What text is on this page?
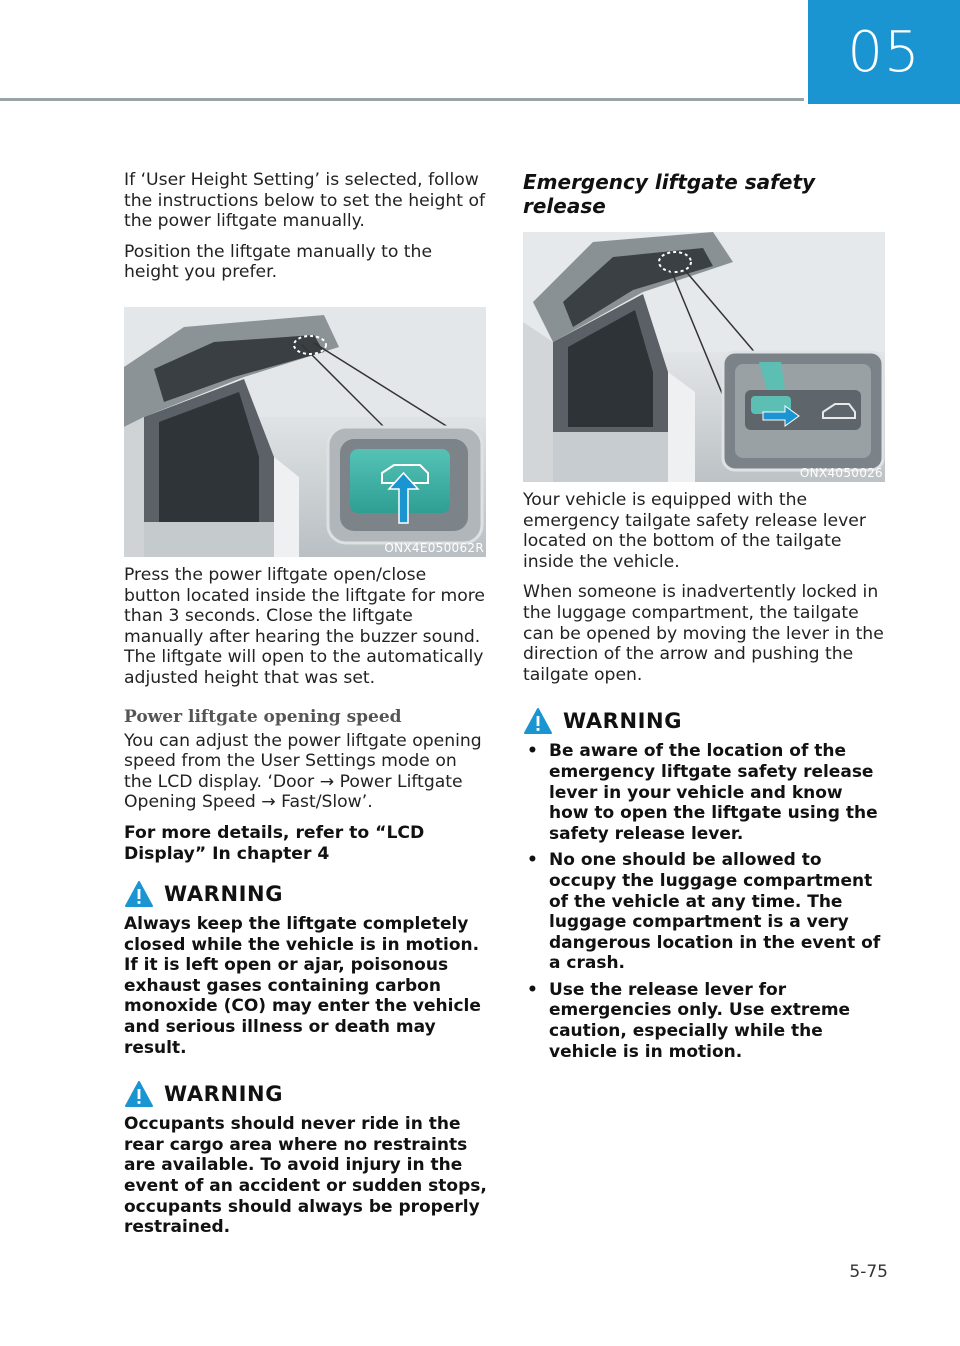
05

If ‘User Height Setting’ is selected, follow the instructions below to set the height of the power liftgate manually.

Position the liftgate manually to the height you prefer.

ONX4E050062R

Press the power liftgate open/close button located inside the liftgate for more than 3 seconds. Close the liftgate manually after hearing the buzzer sound. The liftgate will open to the automatically adjusted height that was set.

Power liftgate opening speed

You can adjust the power liftgate opening speed from the User Settings mode on the LCD display. ‘Door → Power Liftgate Opening Speed → Fast/Slow’.

For more details, refer to “LCD Display” In chapter 4

WARNING
Always keep the liftgate completely closed while the vehicle is in motion. If it is left open or ajar, poisonous exhaust gases containing carbon monoxide (CO) may enter the vehicle and serious illness or death may result.
WARNING
Occupants should never ride in the rear cargo area where no restraints are available. To avoid injury in the event of an accident or sudden stops, occupants should always be properly restrained.
Emergency liftgate safety release
ONX4050026

Your vehicle is equipped with the emergency tailgate safety release lever located on the bottom of the tailgate inside the vehicle.

When someone is inadvertently locked in the luggage compartment, the tailgate can be opened by moving the lever in the direction of the arrow and pushing the tailgate open.

WARNING
• Be aware of the location of the emergency liftgate safety release lever in your vehicle and know how to open the liftgate using the safety release lever.
• No one should be allowed to occupy the luggage compartment of the vehicle at any time. The luggage compartment is a very dangerous location in the event of a crash.
• Use the release lever for emergencies only. Use extreme caution, especially while the vehicle is in motion.
5-75
